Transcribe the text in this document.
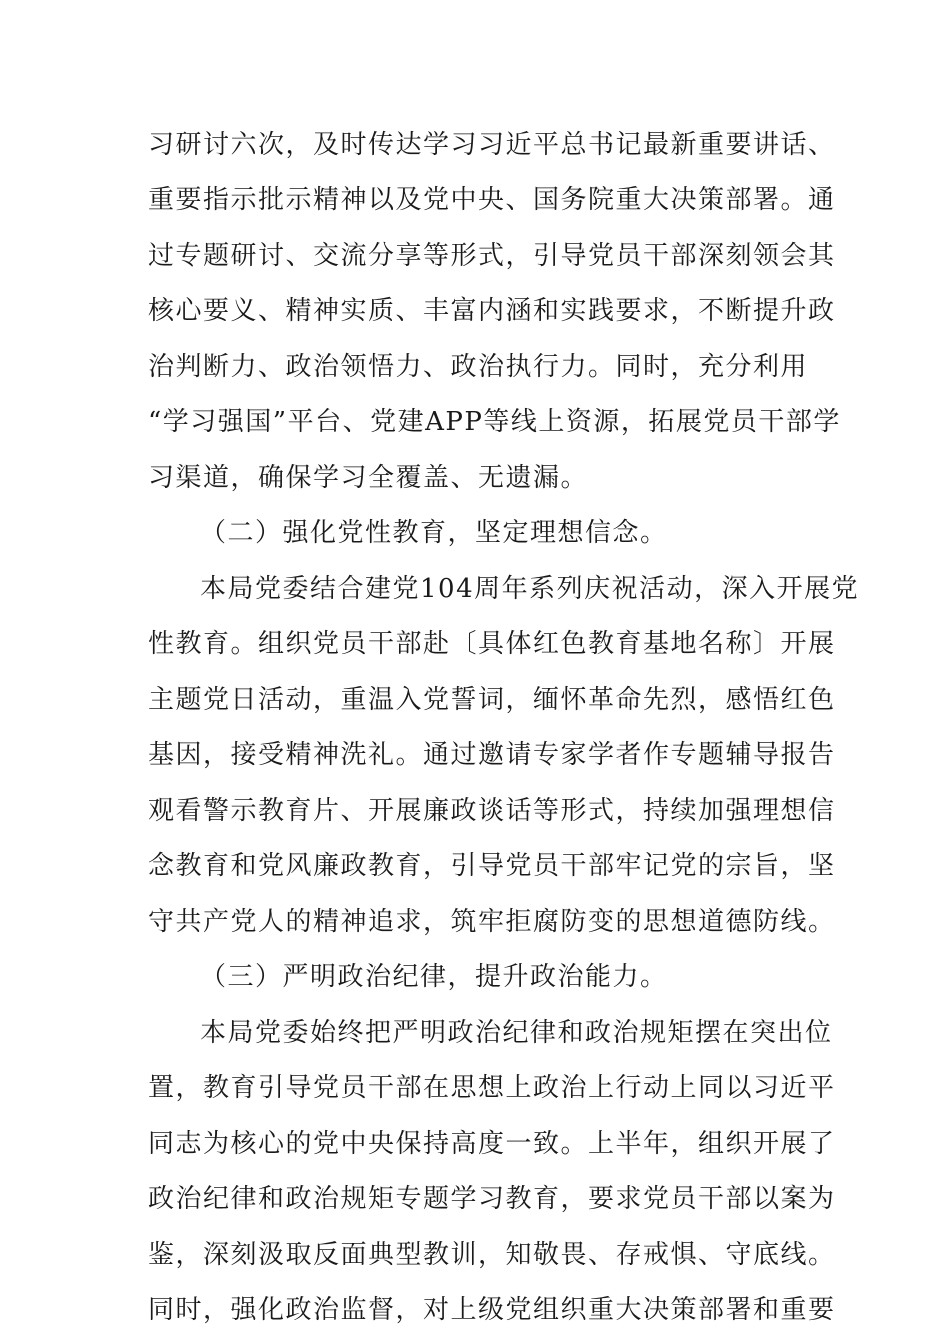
习研讨六次，及时传达学习习近平总书记最新重要讲话、
重要指示批示精神以及党中央、国务院重大决策部署。通
过专题研讨、交流分享等形式，引导党员干部深刻领会其
核心要义、精神实质、丰富内涵和实践要求，不断提升政
治判断力、政治领悟力、政治执行力。同时，充分利用
“学习强国”平台、党建APP等线上资源，拓展党员干部学
习渠道，确保学习全覆盖、无遗漏。
（二）强化党性教育，坚定理想信念。
本局党委结合建党104周年系列庆祝活动，深入开展党
性教育。组织党员干部赴〔具体红色教育基地名称〕开展
主题党日活动，重温入党誓词，缅怀革命先烈，感悟红色
基因，接受精神洗礼。通过邀请专家学者作专题辅导报告
观看警示教育片、开展廉政谈话等形式，持续加强理想信
念教育和党风廉政教育，引导党员干部牢记党的宗旨，坚
守共产党人的精神追求，筑牢拒腐防变的思想道德防线。
（三）严明政治纪律，提升政治能力。
本局党委始终把严明政治纪律和政治规矩摆在突出位
置，教育引导党员干部在思想上政治上行动上同以习近平
同志为核心的党中央保持高度一致。上半年，组织开展了
政治纪律和政治规矩专题学习教育，要求党员干部以案为
鉴，深刻汲取反面典型教训，知敬畏、存戒惧、守底线。
同时，强化政治监督，对上级党组织重大决策部署和重要
